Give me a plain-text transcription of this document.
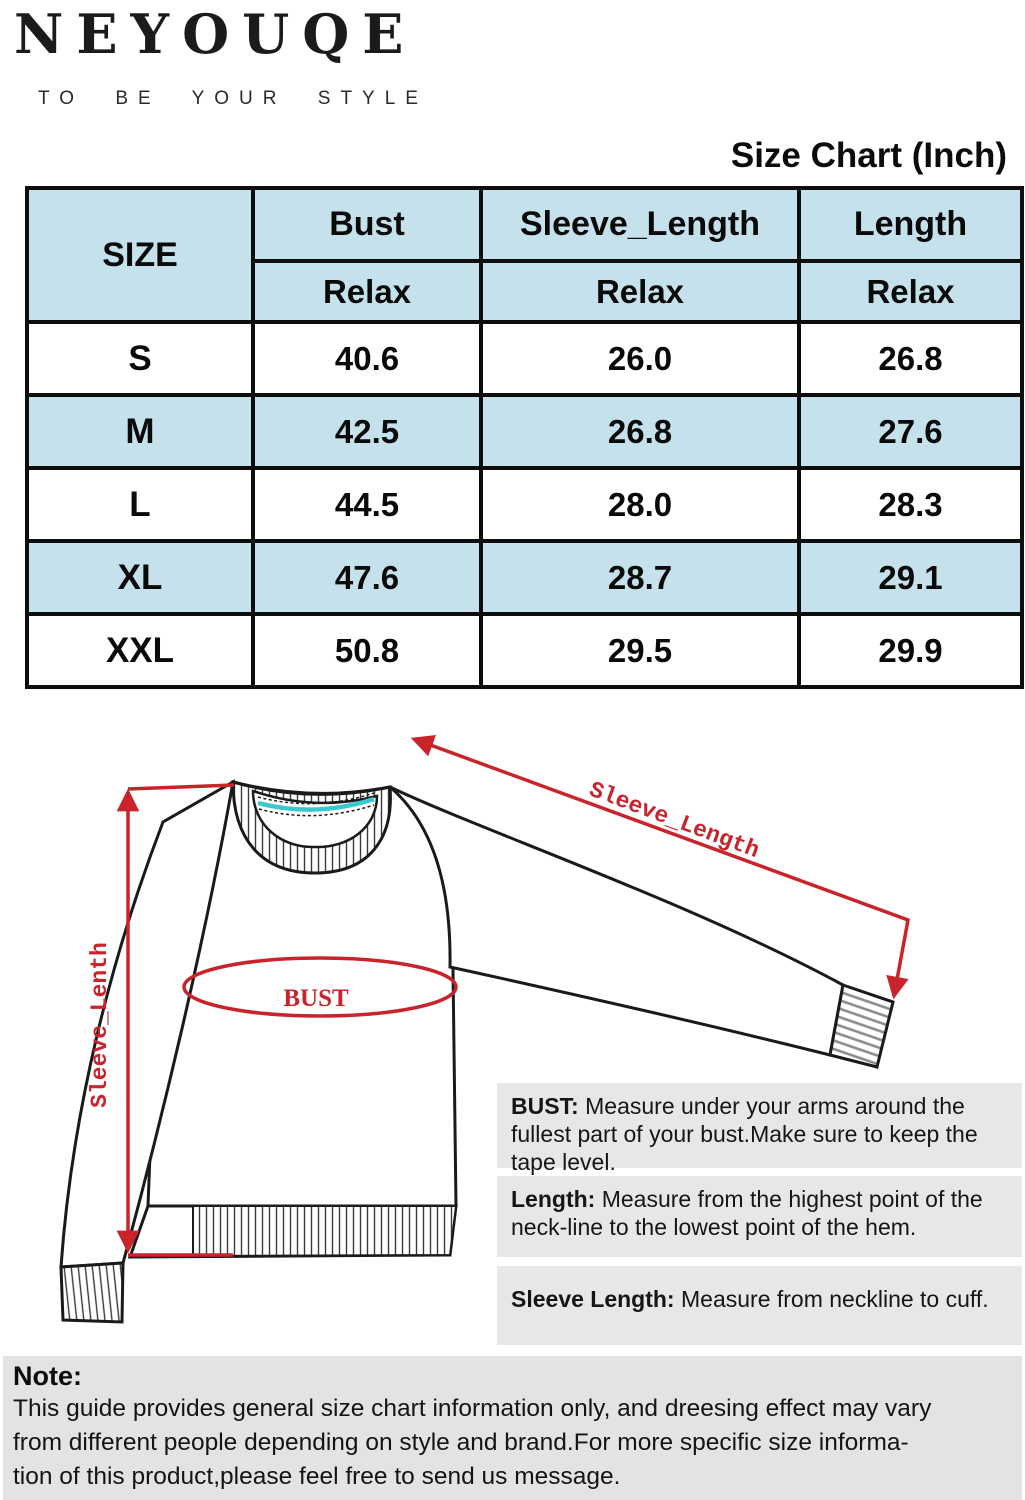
NEYOUQE
TO BE YOUR STYLE
Size Chart (Inch)
SIZE	Bust	Sleeve_Length	Length
	Relax	Relax	Relax
S	40.6	26.0	26.8
M	42.5	26.8	27.6
L	44.5	28.0	28.3
XL	47.6	28.7	29.1
XXL	50.8	29.5	29.9
Sleeve_Lenth
Sleeve_Length
BUST
BUST: Measure under your arms around the fullest part of your bust.Make sure to keep the tape level.
Length: Measure from the highest point of the neck-line to the lowest point of the hem.
Sleeve Length: Measure from neckline to cuff.
Note:
This guide provides general size chart information only, and dreesing effect may vary
from different people depending on style and brand.For more specific size informa-
tion of this product,please feel free to send us message.
